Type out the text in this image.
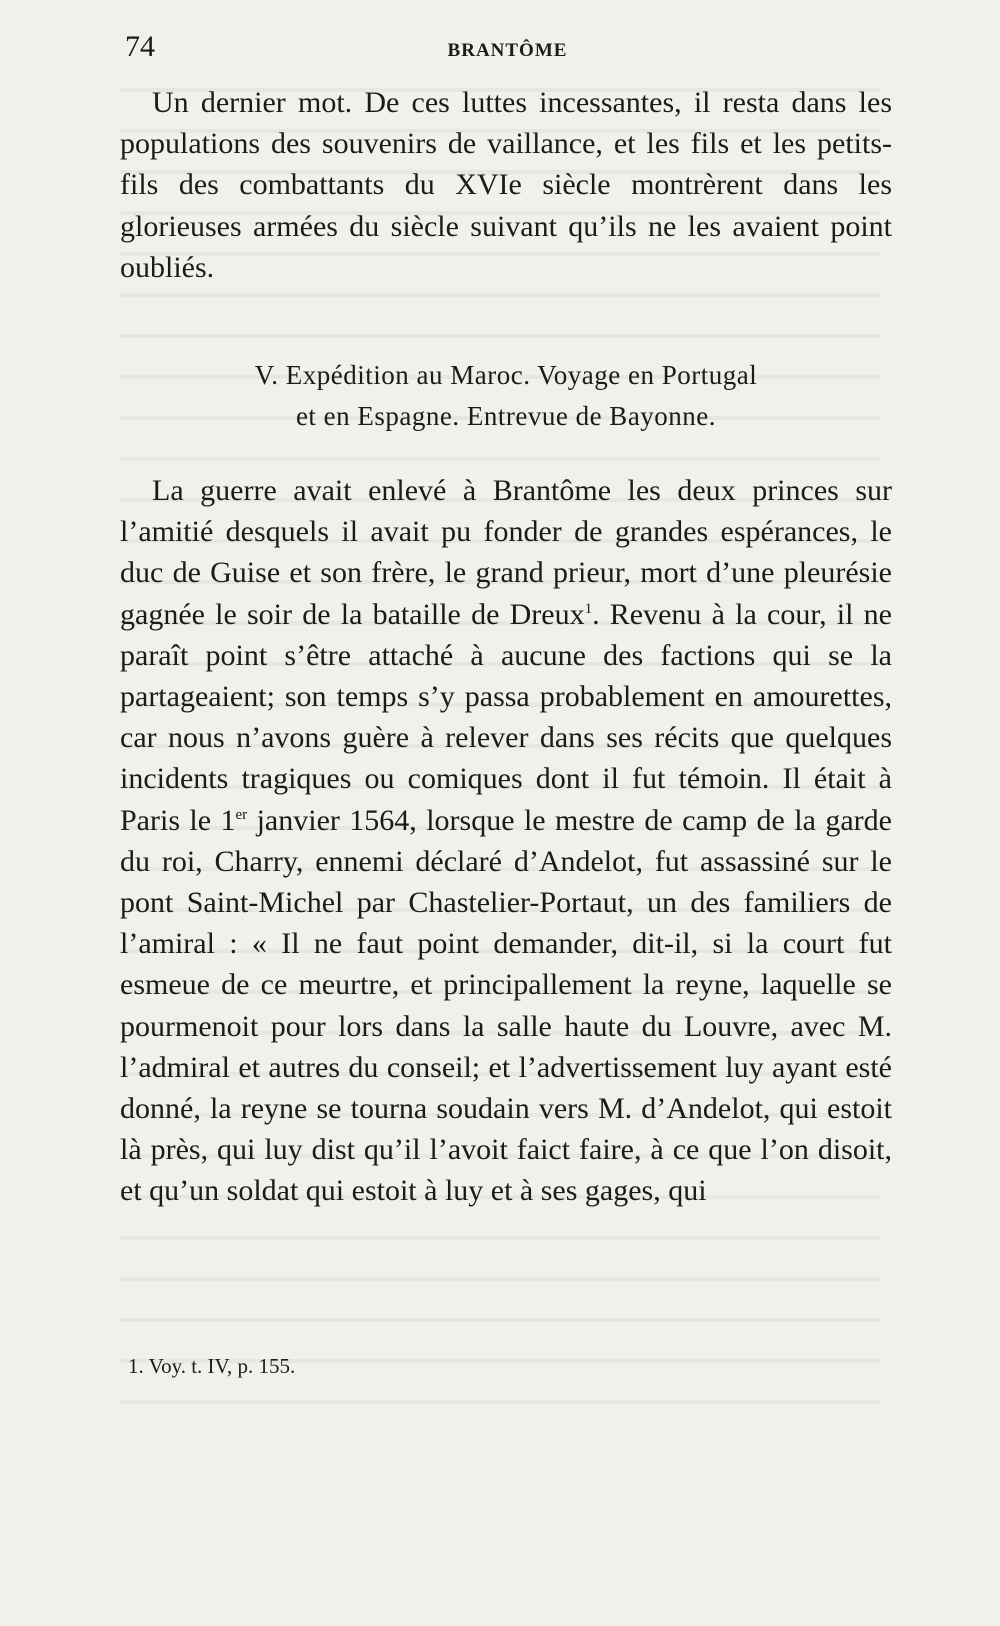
74	BRANTÔME

Un dernier mot. De ces luttes incessantes, il resta dans les populations des souvenirs de vaillance, et les fils et les petits-fils des combattants du XVIe siècle montrèrent dans les glorieuses armées du siècle suivant qu’ils ne les avaient point oubliés.

V. Expédition au Maroc. Voyage en Portugal
et en Espagne. Entrevue de Bayonne.

La guerre avait enlevé à Brantôme les deux princes sur l’amitié desquels il avait pu fonder de grandes espérances, le duc de Guise et son frère, le grand prieur, mort d’une pleurésie gagnée le soir de la bataille de Dreux$^1$. Revenu à la cour, il ne paraît point s’être attaché à aucune des factions qui se la partageaient; son temps s’y passa probablement en amourettes, car nous n’avons guère à relever dans ses récits que quelques incidents tragiques ou comiques dont il fut témoin. Il était à Paris le 1er janvier 1564, lorsque le mestre de camp de la garde du roi, Charry, ennemi déclaré d’Andelot, fut assassiné sur le pont Saint-Michel par Chastelier-Portaut, un des familiers de l’amiral : « Il ne faut point demander, dit-il, si la court fut esmeue de ce meurtre, et principallement la reyne, laquelle se pourmenoit pour lors dans la salle haute du Louvre, avec M. l’admiral et autres du conseil; et l’advertissement luy ayant esté donné, la reyne se tourna soudain vers M. d’Andelot, qui estoit là près, qui luy dist qu’il l’avoit faict faire, à ce que l’on disoit, et qu’un soldat qui estoit à luy et à ses gages, qui

1. Voy. t. IV, p. 155.
